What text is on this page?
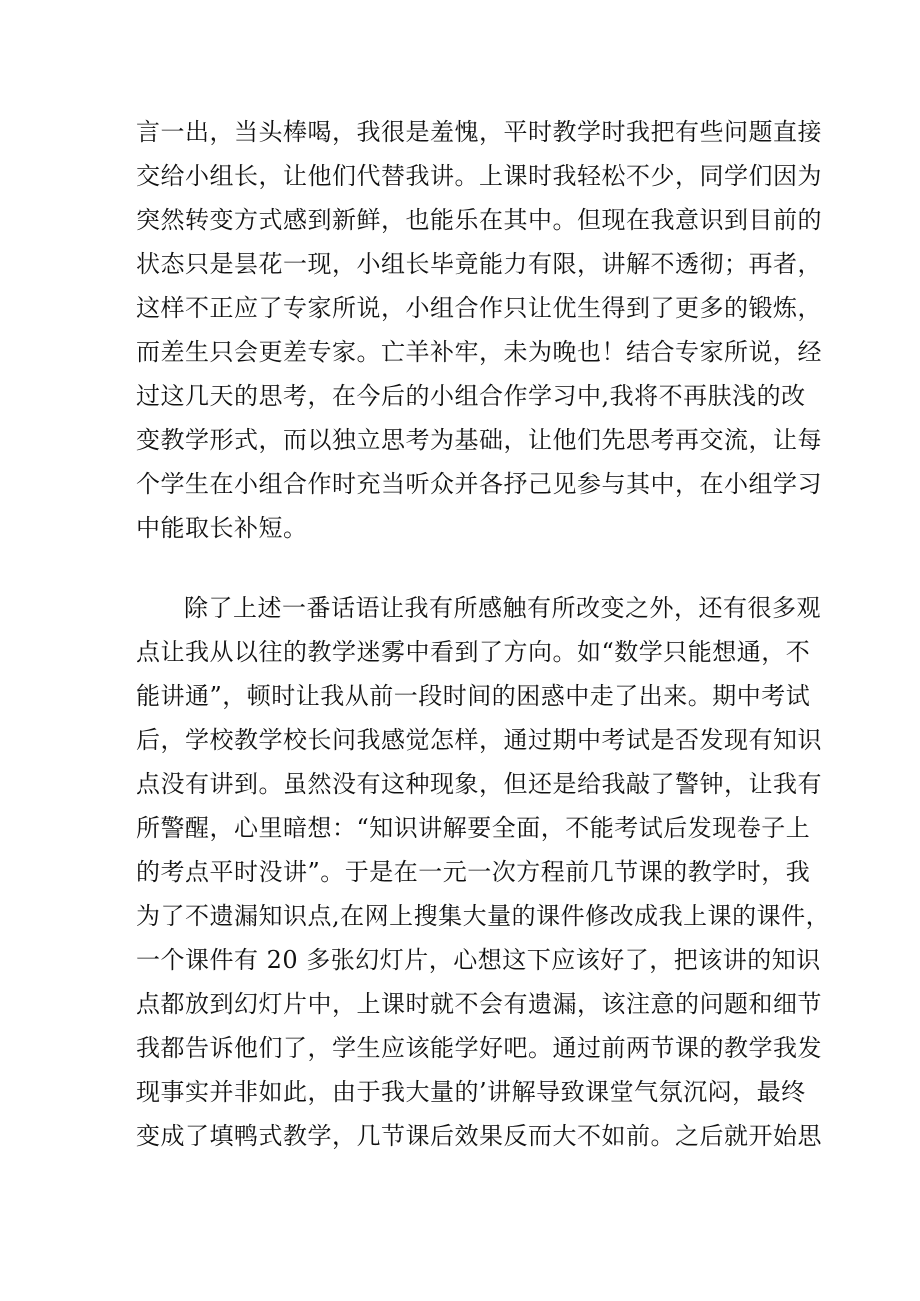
言一出，当头棒喝，我很是羞愧，平时教学时我把有些问题直接
交给小组长，让他们代替我讲。上课时我轻松不少，同学们因为
突然转变方式感到新鲜，也能乐在其中。但现在我意识到目前的
状态只是昙花一现，小组长毕竟能力有限，讲解不透彻；再者，
这样不正应了专家所说，小组合作只让优生得到了更多的锻炼，
而差生只会更差专家。亡羊补牢，未为晚也！结合专家所说，经
过这几天的思考，在今后的小组合作学习中,我将不再肤浅的改
变教学形式，而以独立思考为基础，让他们先思考再交流，让每
个学生在小组合作时充当听众并各抒己见参与其中，在小组学习
中能取长补短。
除了上述一番话语让我有所感触有所改变之外，还有很多观
点让我从以往的教学迷雾中看到了方向。如“数学只能想通，不
能讲通”，顿时让我从前一段时间的困惑中走了出来。期中考试
后，学校教学校长问我感觉怎样，通过期中考试是否发现有知识
点没有讲到。虽然没有这种现象，但还是给我敲了警钟，让我有
所警醒，心里暗想：“知识讲解要全面，不能考试后发现卷子上
的考点平时没讲”。于是在一元一次方程前几节课的教学时，我
为了不遗漏知识点,在网上搜集大量的课件修改成我上课的课件，
一个课件有 20 多张幻灯片，心想这下应该好了，把该讲的知识
点都放到幻灯片中，上课时就不会有遗漏，该注意的问题和细节
我都告诉他们了，学生应该能学好吧。通过前两节课的教学我发
现事实并非如此，由于我大量的’讲解导致课堂气氛沉闷，最终
变成了填鸭式教学，几节课后效果反而大不如前。之后就开始思
